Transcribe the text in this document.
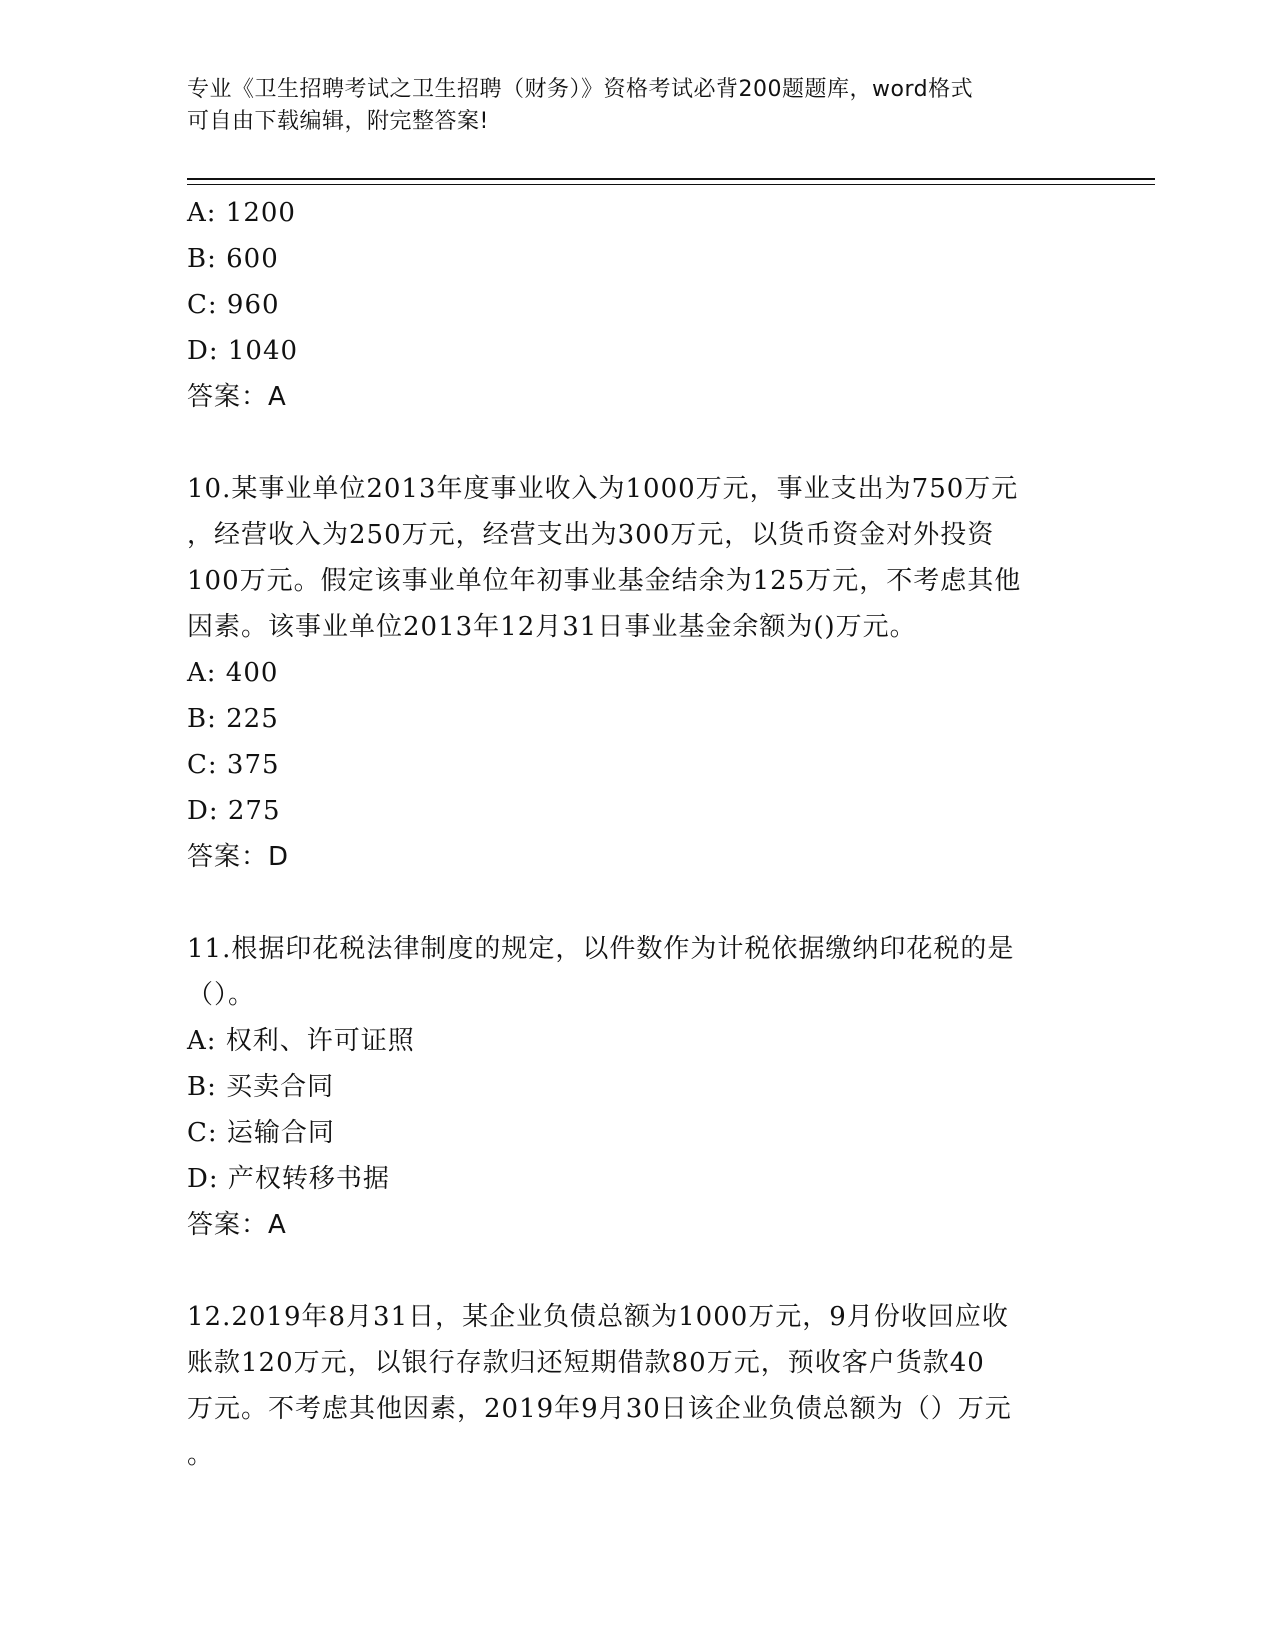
专业《卫生招聘考试之卫生招聘（财务）》资格考试必背200题题库，word格式
可自由下载编辑，附完整答案!
A: 1200
B: 600
C: 960
D: 1040
答案：A
10.某事业单位2013年度事业收入为1000万元，事业支出为750万元
，经营收入为250万元，经营支出为300万元，以货币资金对外投资
100万元。假定该事业单位年初事业基金结余为125万元，不考虑其他
因素。该事业单位2013年12月31日事业基金余额为()万元。
A: 400
B: 225
C: 375
D: 275
答案：D
11.根据印花税法律制度的规定，以件数作为计税依据缴纳印花税的是
（）。
A: 权利、许可证照
B: 买卖合同
C: 运输合同
D: 产权转移书据
答案：A
12.2019年8月31日，某企业负债总额为1000万元，9月份收回应收
账款120万元，以银行存款归还短期借款80万元，预收客户货款40
万元。不考虑其他因素，2019年9月30日该企业负债总额为（）万元
。
